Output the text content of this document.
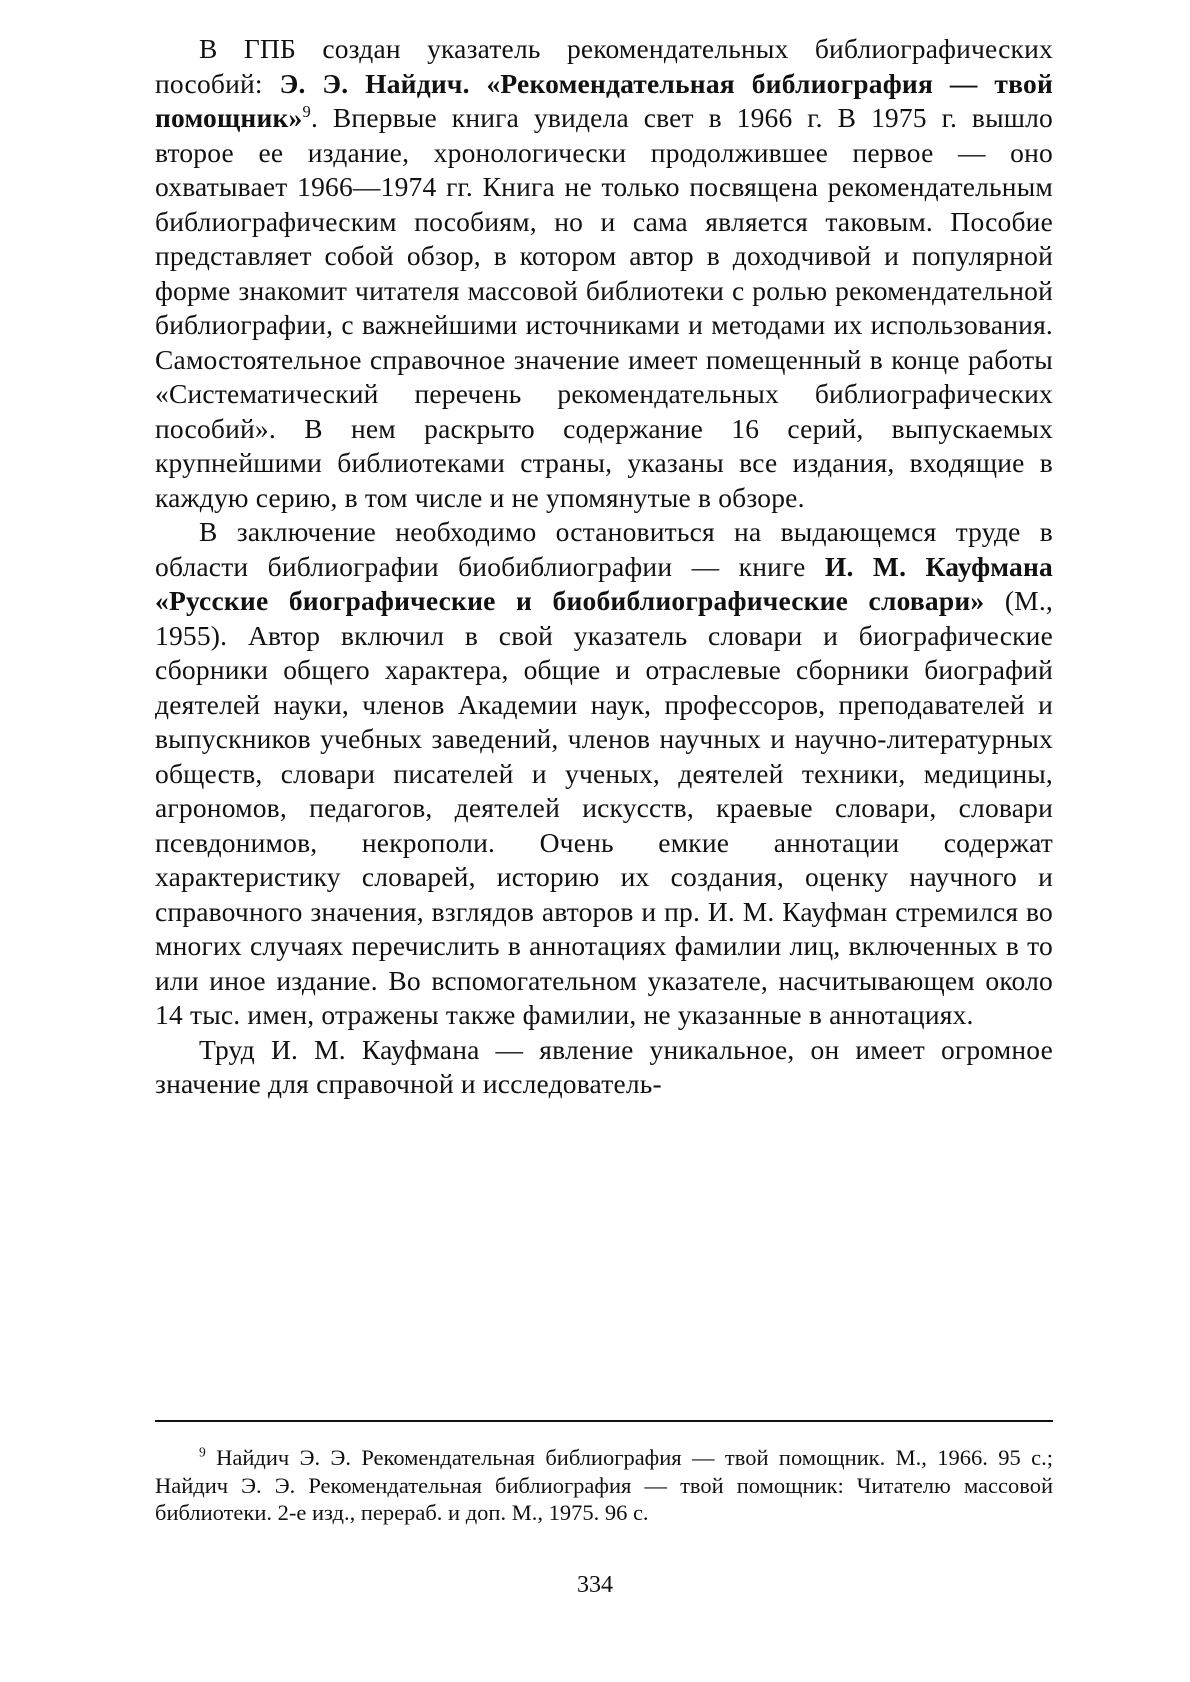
В ГПБ создан указатель рекомендательных библиографических пособий: Э. Э. Найдич. «Рекомендательная библиография — твой помощник»$^9$. Впервые книга увидела свет в 1966 г. В 1975 г. вышло второе ее издание, хронологически продолжившее первое — оно охватывает 1966—1974 гг. Книга не только посвящена рекомендательным библиографическим пособиям, но и сама является таковым. Пособие представляет собой обзор, в котором автор в доходчивой и популярной форме знакомит читателя массовой библиотеки с ролью рекомендательной библиографии, с важнейшими источниками и методами их использования. Самостоятельное справочное значение имеет помещенный в конце работы «Систематический перечень рекомендательных библиографических пособий». В нем раскрыто содержание 16 серий, выпускаемых крупнейшими библиотеками страны, указаны все издания, входящие в каждую серию, в том числе и не упомянутые в обзоре.

В заключение необходимо остановиться на выдающемся труде в области библиографии биобиблиографии — книге И. М. Кауфмана «Русские биографические и биобиблиографические словари» (М., 1955). Автор включил в свой указатель словари и биографические сборники общего характера, общие и отраслевые сборники биографий деятелей науки, членов Академии наук, профессоров, преподавателей и выпускников учебных заведений, членов научных и научно-литературных обществ, словари писателей и ученых, деятелей техники, медицины, агрономов, педагогов, деятелей искусств, краевые словари, словари псевдонимов, некрополи. Очень емкие аннотации содержат характеристику словарей, историю их создания, оценку научного и справочного значения, взглядов авторов и пр. И. М. Кауфман стремился во многих случаях перечислить в аннотациях фамилии лиц, включенных в то или иное издание. Во вспомогательном указателе, насчитывающем около 14 тыс. имен, отражены также фамилии, не указанные в аннотациях.

Труд И. М. Кауфмана — явление уникальное, он имеет огромное значение для справочной и исследователь-

$^9$ Найдич Э. Э. Рекомендательная библиография — твой помощник. М., 1966. 95 с.; Найдич Э. Э. Рекомендательная библиография — твой помощник: Читателю массовой библиотеки. 2-е изд., перераб. и доп. М., 1975. 96 с.

334
